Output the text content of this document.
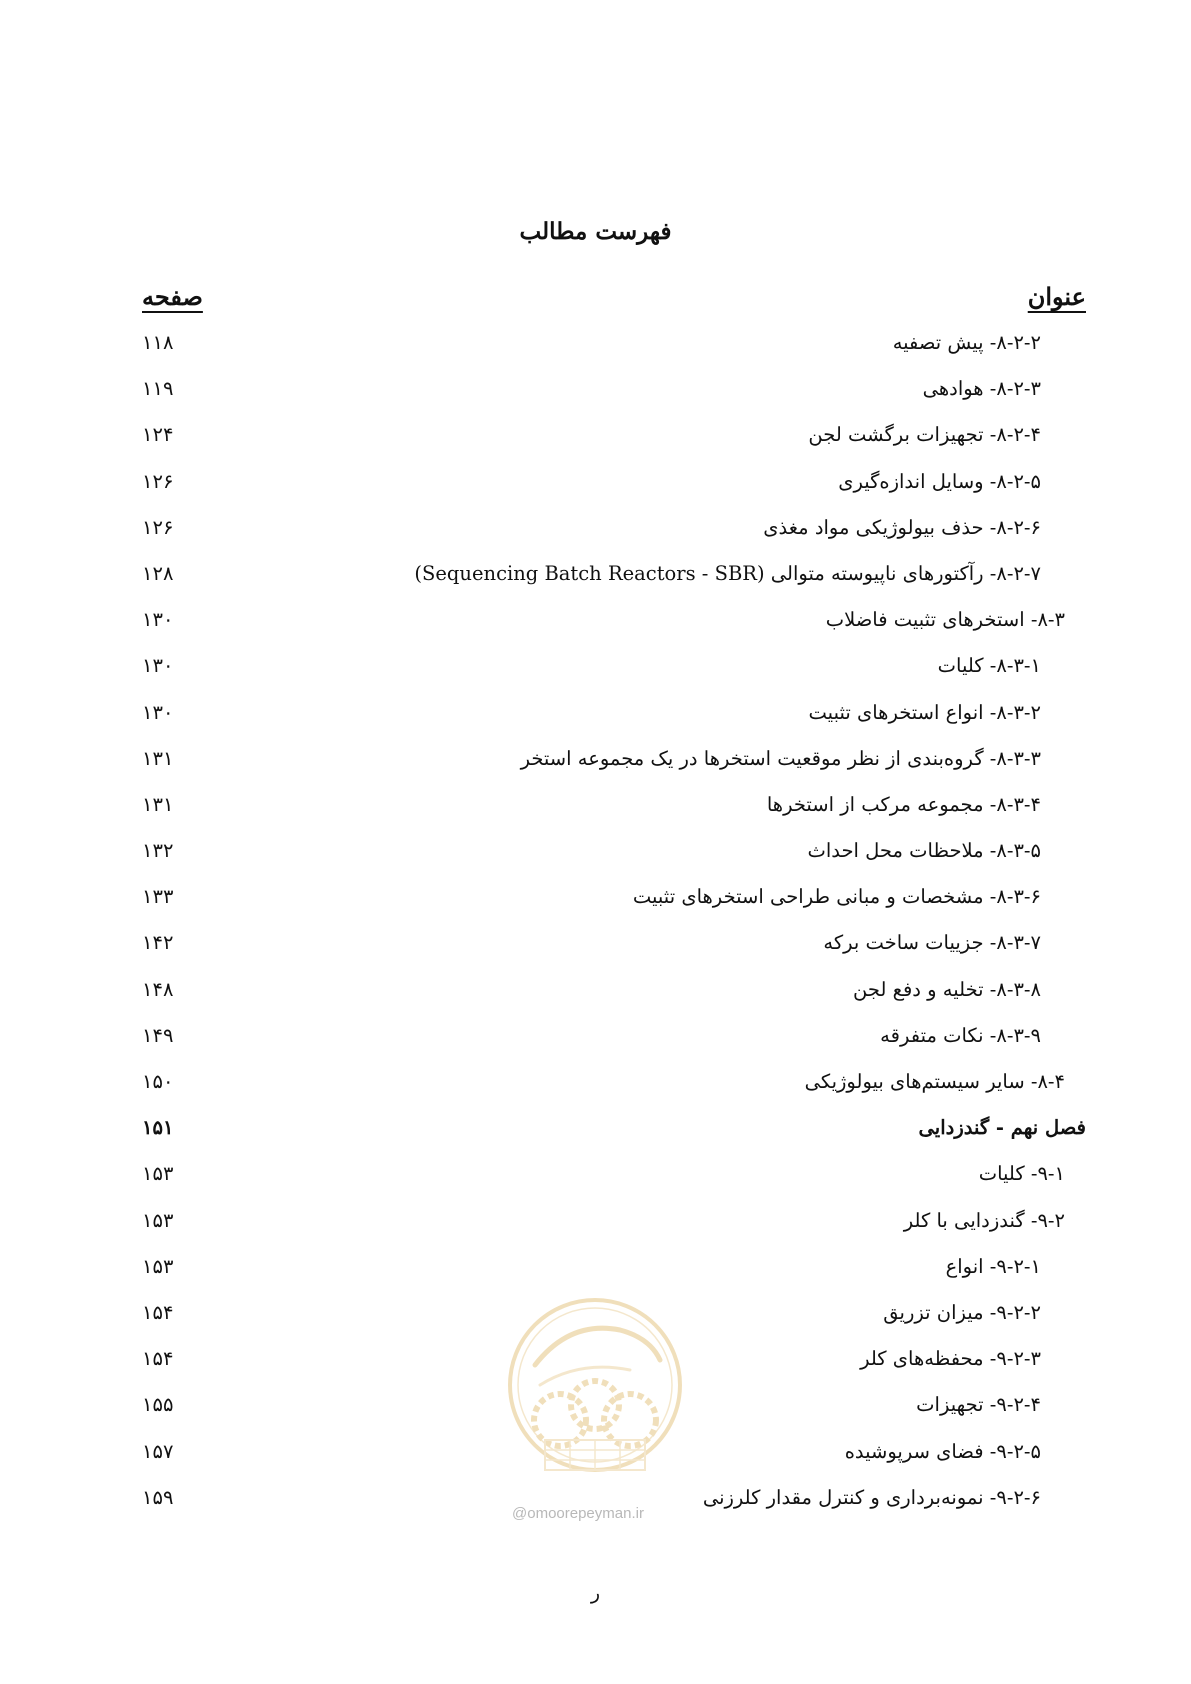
فهرست مطالب
عنوان
صفحه
۸-۲-۲- پیش تصفیه
۱۱۸
۸-۲-۳- هوادهی
۱۱۹
۸-۲-۴- تجهیزات برگشت لجن
۱۲۴
۸-۲-۵- وسایل اندازه‌گیری
۱۲۶
۸-۲-۶- حذف بیولوژیکی مواد مغذی
۱۲۶
۸-۲-۷- رآکتورهای ناپیوسته متوالی (Sequencing Batch Reactors - SBR)
۱۲۸
۸-۳- استخرهای تثبیت فاضلاب
۱۳۰
۸-۳-۱- کلیات
۱۳۰
۸-۳-۲- انواع استخرهای تثبیت
۱۳۰
۸-۳-۳- گروه‌بندی از نظر موقعیت استخرها در یک مجموعه استخر
۱۳۱
۸-۳-۴- مجموعه مرکب از استخرها
۱۳۱
۸-۳-۵- ملاحظات محل احداث
۱۳۲
۸-۳-۶- مشخصات و مبانی طراحی استخرهای تثبیت
۱۳۳
۸-۳-۷- جزییات ساخت برکه
۱۴۲
۸-۳-۸- تخلیه و دفع لجن
۱۴۸
۸-۳-۹- نکات متفرقه
۱۴۹
۸-۴- سایر سیستم‌های بیولوژیکی
۱۵۰
فصل نهم - گندزدایی
۱۵۱
۹-۱- کلیات
۱۵۳
۹-۲- گندزدایی با کلر
۱۵۳
۹-۲-۱- انواع
۱۵۳
۹-۲-۲- میزان تزریق
۱۵۴
۹-۲-۳- محفظه‌های کلر
۱۵۴
۹-۲-۴- تجهیزات
۱۵۵
۹-۲-۵- فضای سرپوشیده
۱۵۷
۹-۲-۶- نمونه‌برداری و کنترل مقدار کلرزنی
۱۵۹
@omoorepeyman.ir
ر
